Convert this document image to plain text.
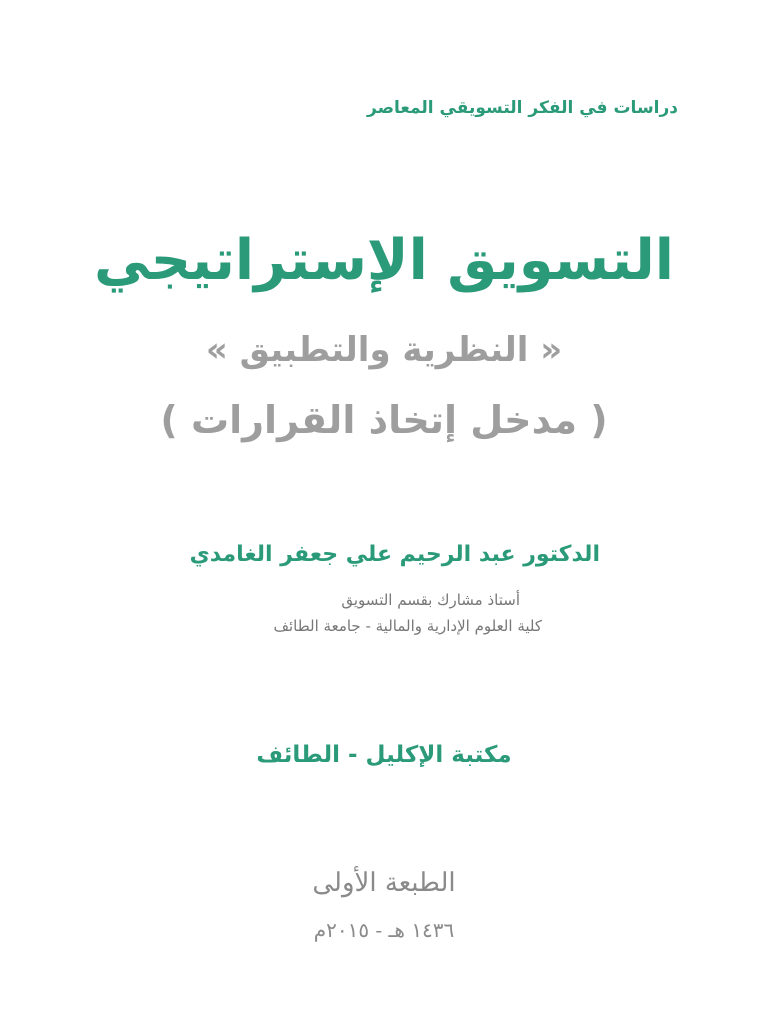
دراسات في الفكر التسويقي المعاصر
التسويق الإستراتيجي
« النظرية والتطبيق »
( مدخل إتخاذ القرارات )
الدكتور عبد الرحيم علي جعفر الغامدي
أستاذ مشارك بقسم التسويق
كلية العلوم الإدارية والمالية - جامعة الطائف
مكتبة الإكليل - الطائف
الطبعة الأولى
١٤٣٦ هـ - ٢٠١٥م
